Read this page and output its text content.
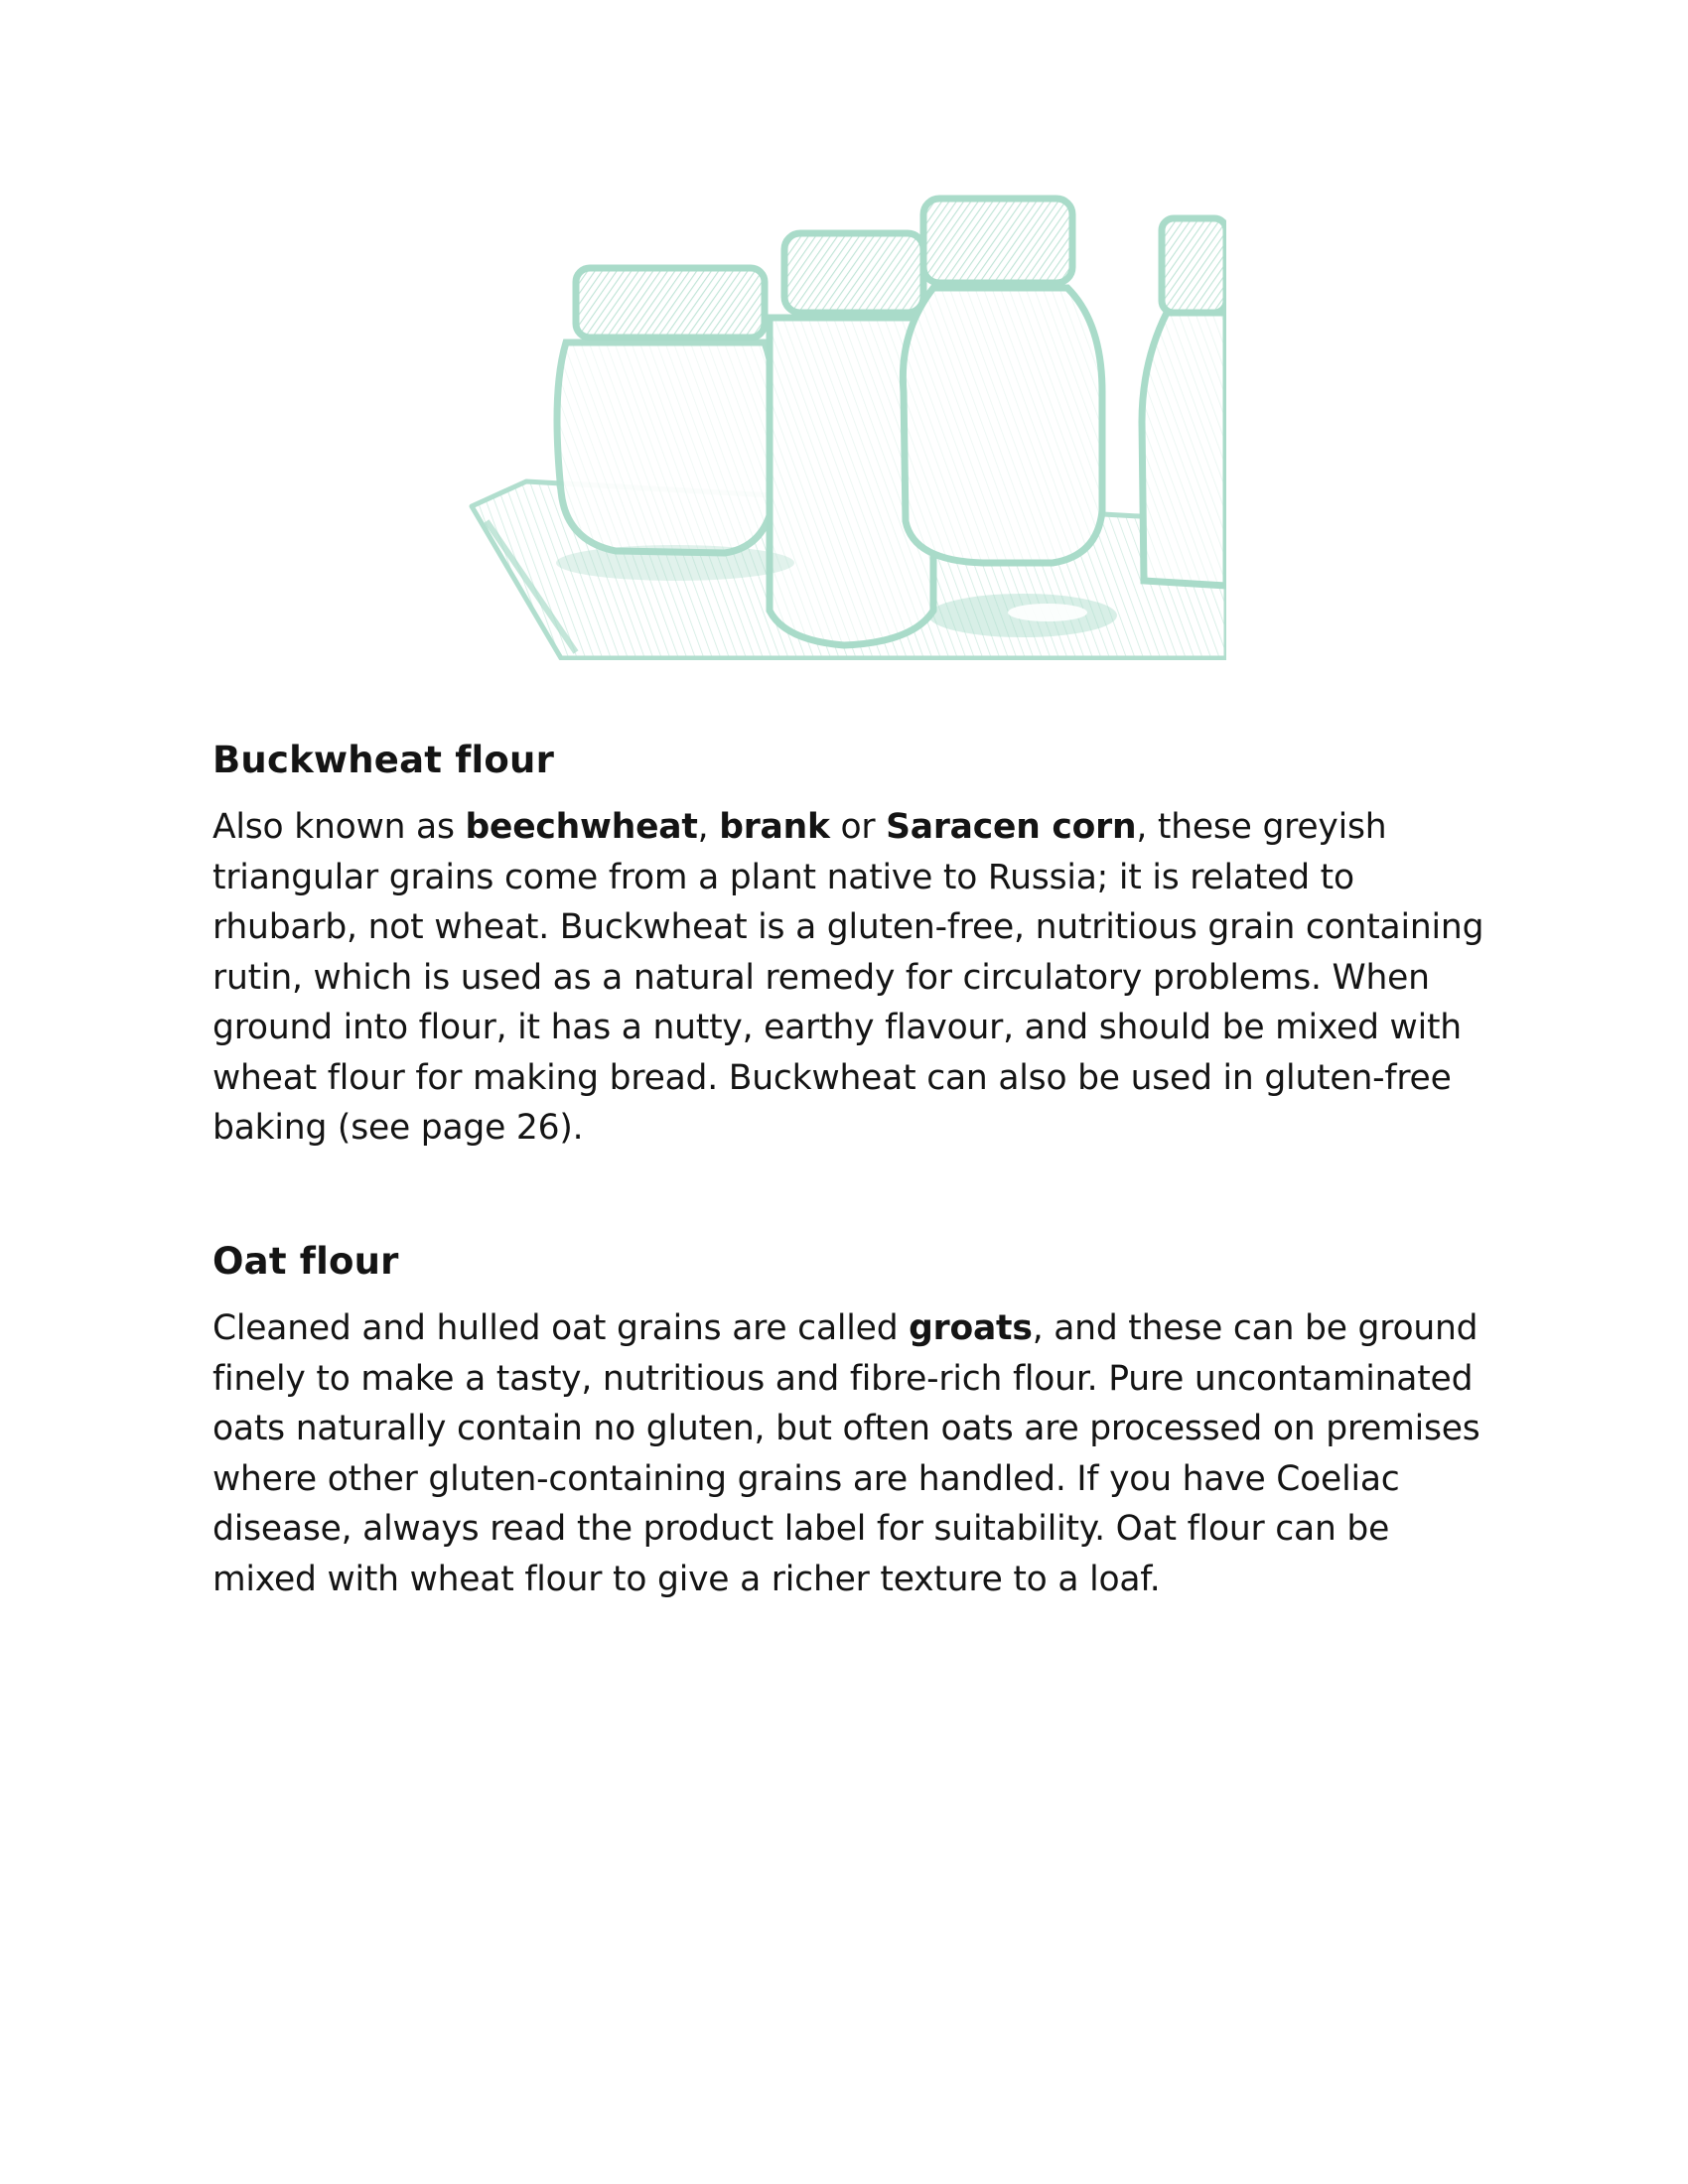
Buckwheat flour

Also known as beechwheat, brank or Saracen corn, these greyish triangular grains come from a plant native to Russia; it is related to rhubarb, not wheat. Buckwheat is a gluten-free, nutritious grain containing rutin, which is used as a natural remedy for circulatory problems. When ground into flour, it has a nutty, earthy flavour, and should be mixed with wheat flour for making bread. Buckwheat can also be used in gluten-free baking (see page 26).

Oat flour

Cleaned and hulled oat grains are called groats, and these can be ground finely to make a tasty, nutritious and fibre-rich flour. Pure uncontaminated oats naturally contain no gluten, but often oats are processed on premises where other gluten-containing grains are handled. If you have Coeliac disease, always read the product label for suitability. Oat flour can be mixed with wheat flour to give a richer texture to a loaf.
